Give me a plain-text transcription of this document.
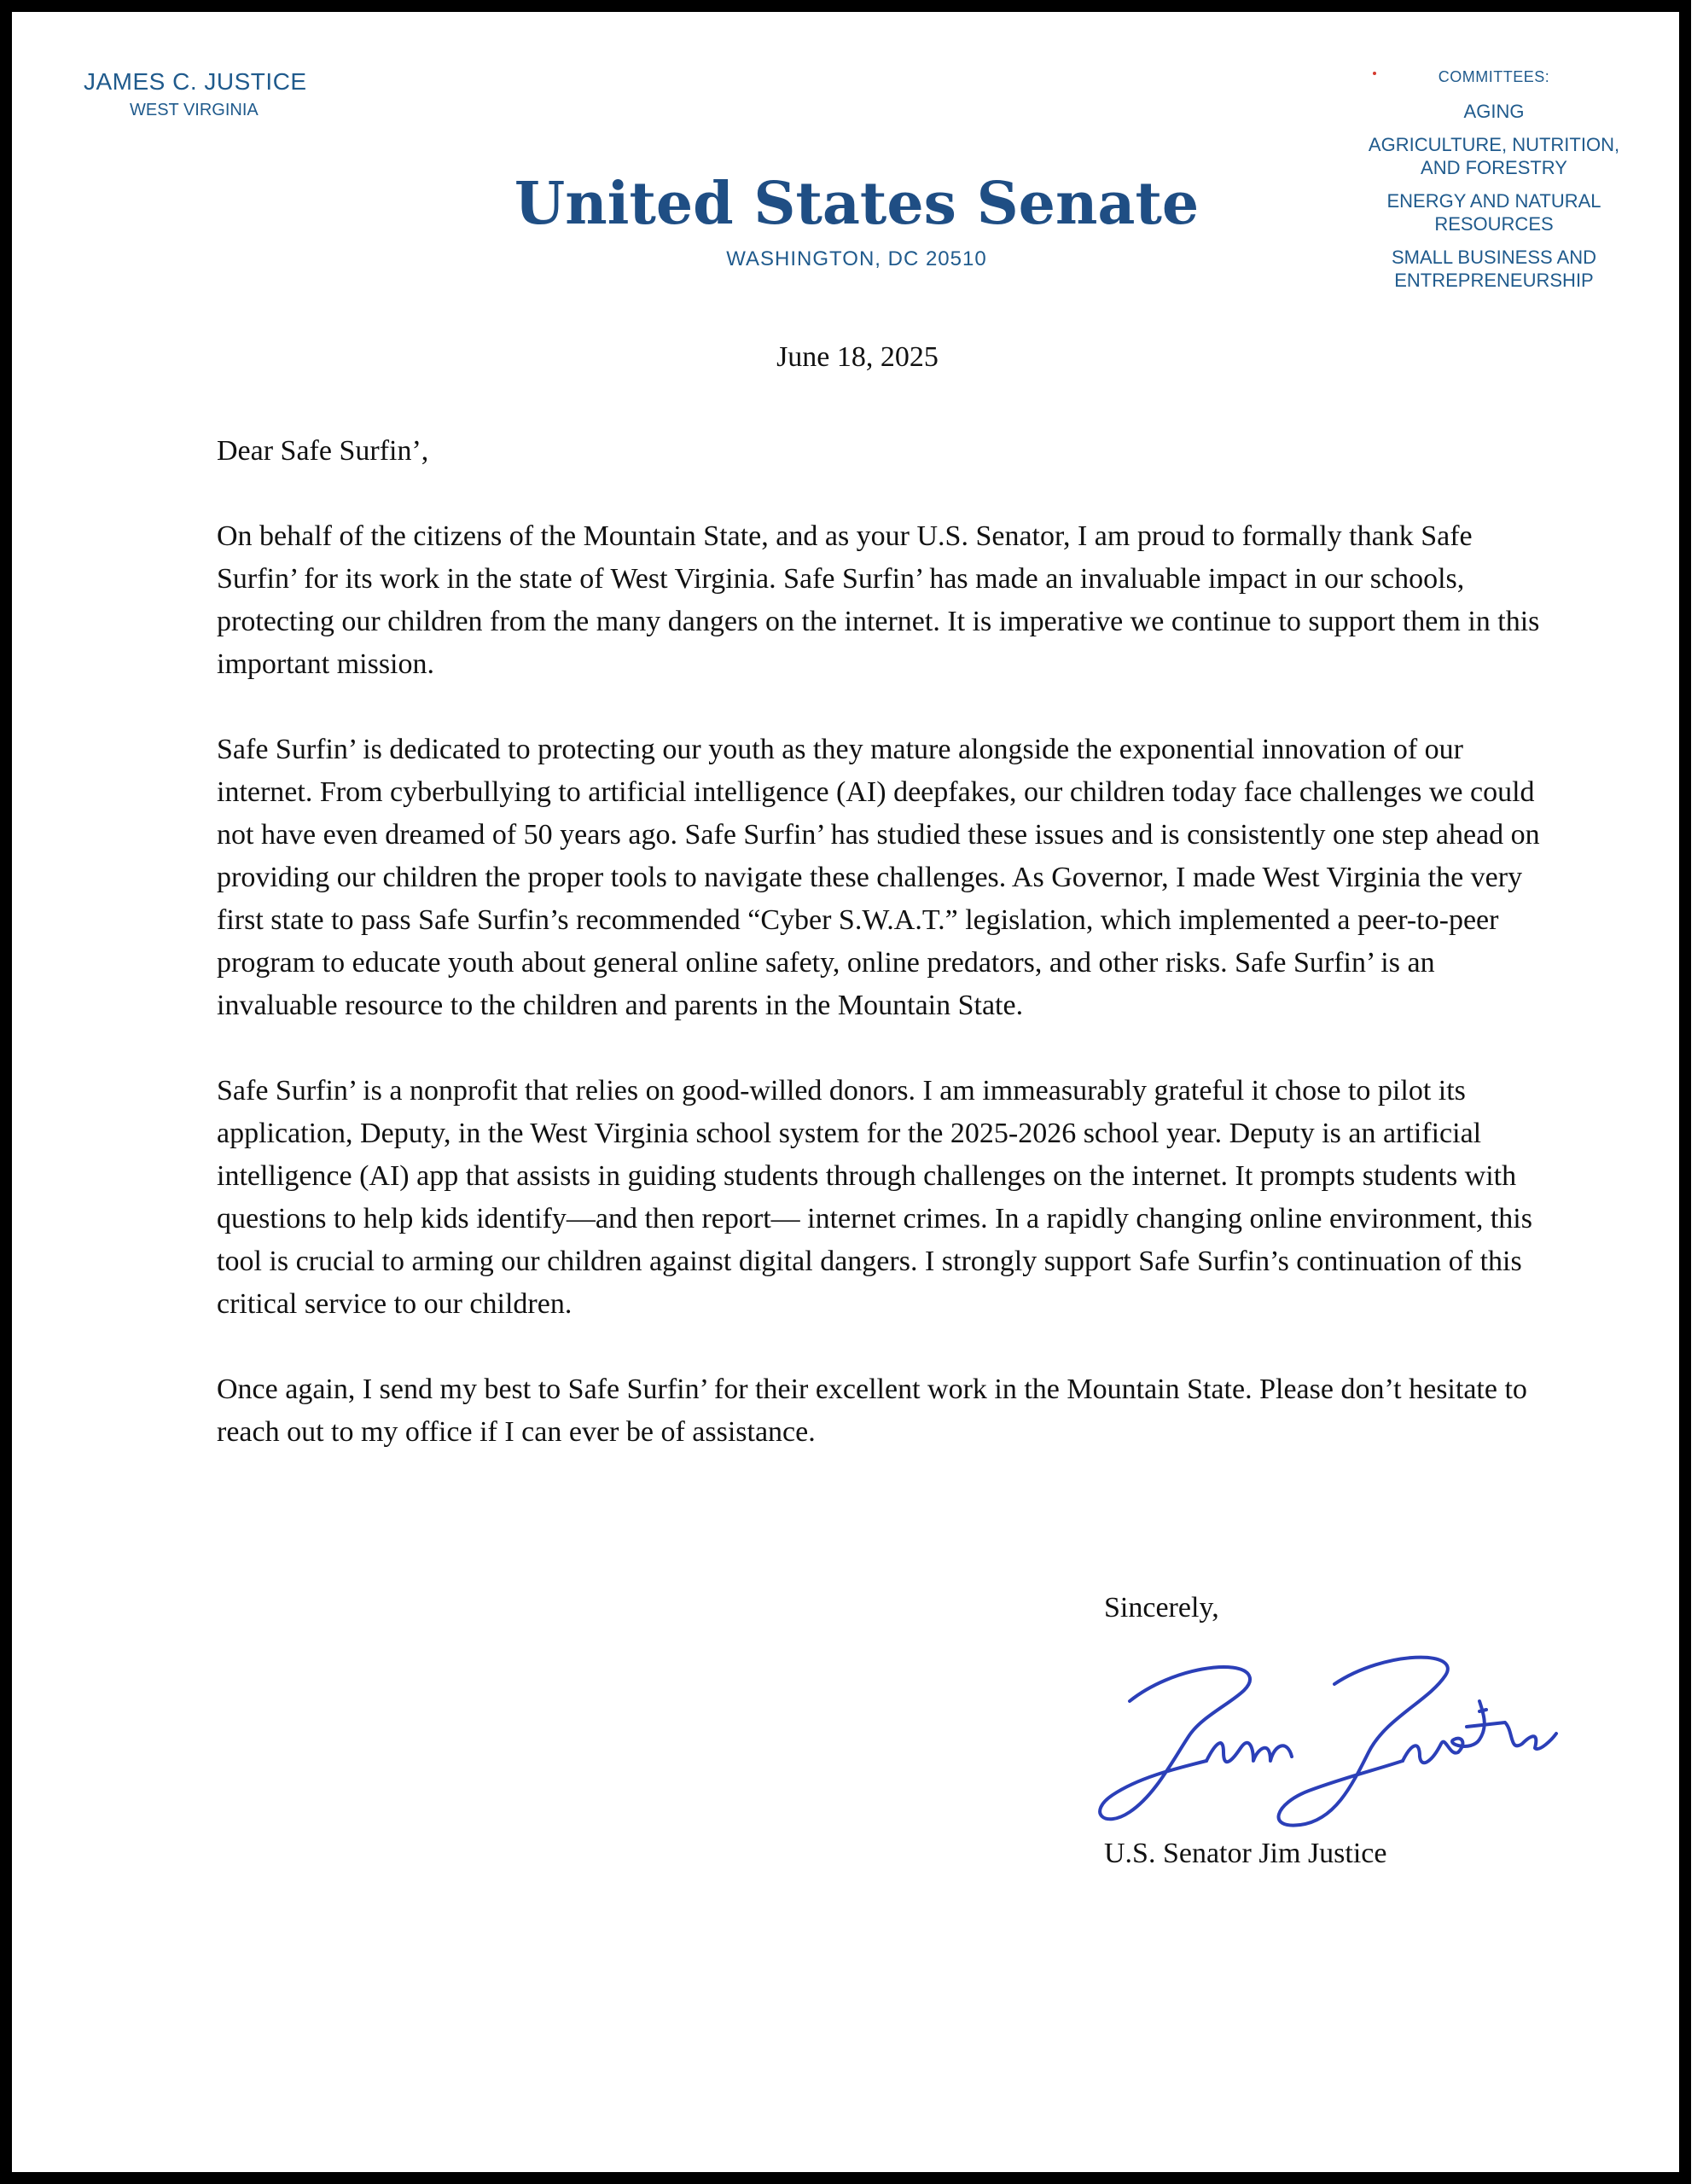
JAMES C. JUSTICE
WEST VIRGINIA
United States Senate
WASHINGTON, DC 20510
COMMITTEES:
AGING
AGRICULTURE, NUTRITION,
AND FORESTRY
ENERGY AND NATURAL
RESOURCES
SMALL BUSINESS AND
ENTREPRENEURSHIP
June 18, 2025

Dear Safe Surfin’,

On behalf of the citizens of the Mountain State, and as your U.S. Senator, I am proud to formally thank Safe Surfin’ for its work in the state of West Virginia. Safe Surfin’ has made an invaluable impact in our schools, protecting our children from the many dangers on the internet. It is imperative we continue to support them in this important mission.

Safe Surfin’ is dedicated to protecting our youth as they mature alongside the exponential innovation of our internet. From cyberbullying to artificial intelligence (AI) deepfakes, our children today face challenges we could not have even dreamed of 50 years ago. Safe Surfin’ has studied these issues and is consistently one step ahead on providing our children the proper tools to navigate these challenges. As Governor, I made West Virginia the very first state to pass Safe Surfin’s recommended “Cyber S.W.A.T.” legislation, which implemented a peer-to-peer program to educate youth about general online safety, online predators, and other risks. Safe Surfin’ is an invaluable resource to the children and parents in the Mountain State.

Safe Surfin’ is a nonprofit that relies on good-willed donors. I am immeasurably grateful it chose to pilot its application, Deputy, in the West Virginia school system for the 2025-2026 school year. Deputy is an artificial intelligence (AI) app that assists in guiding students through challenges on the internet. It prompts students with questions to help kids identify—and then report— internet crimes. In a rapidly changing online environment, this tool is crucial to arming our children against digital dangers. I strongly support Safe Surfin’s continuation of this critical service to our children.

Once again, I send my best to Safe Surfin’ for their excellent work in the Mountain State. Please don’t hesitate to reach out to my office if I can ever be of assistance.

Sincerely,
Jim Justice
U.S. Senator Jim Justice
